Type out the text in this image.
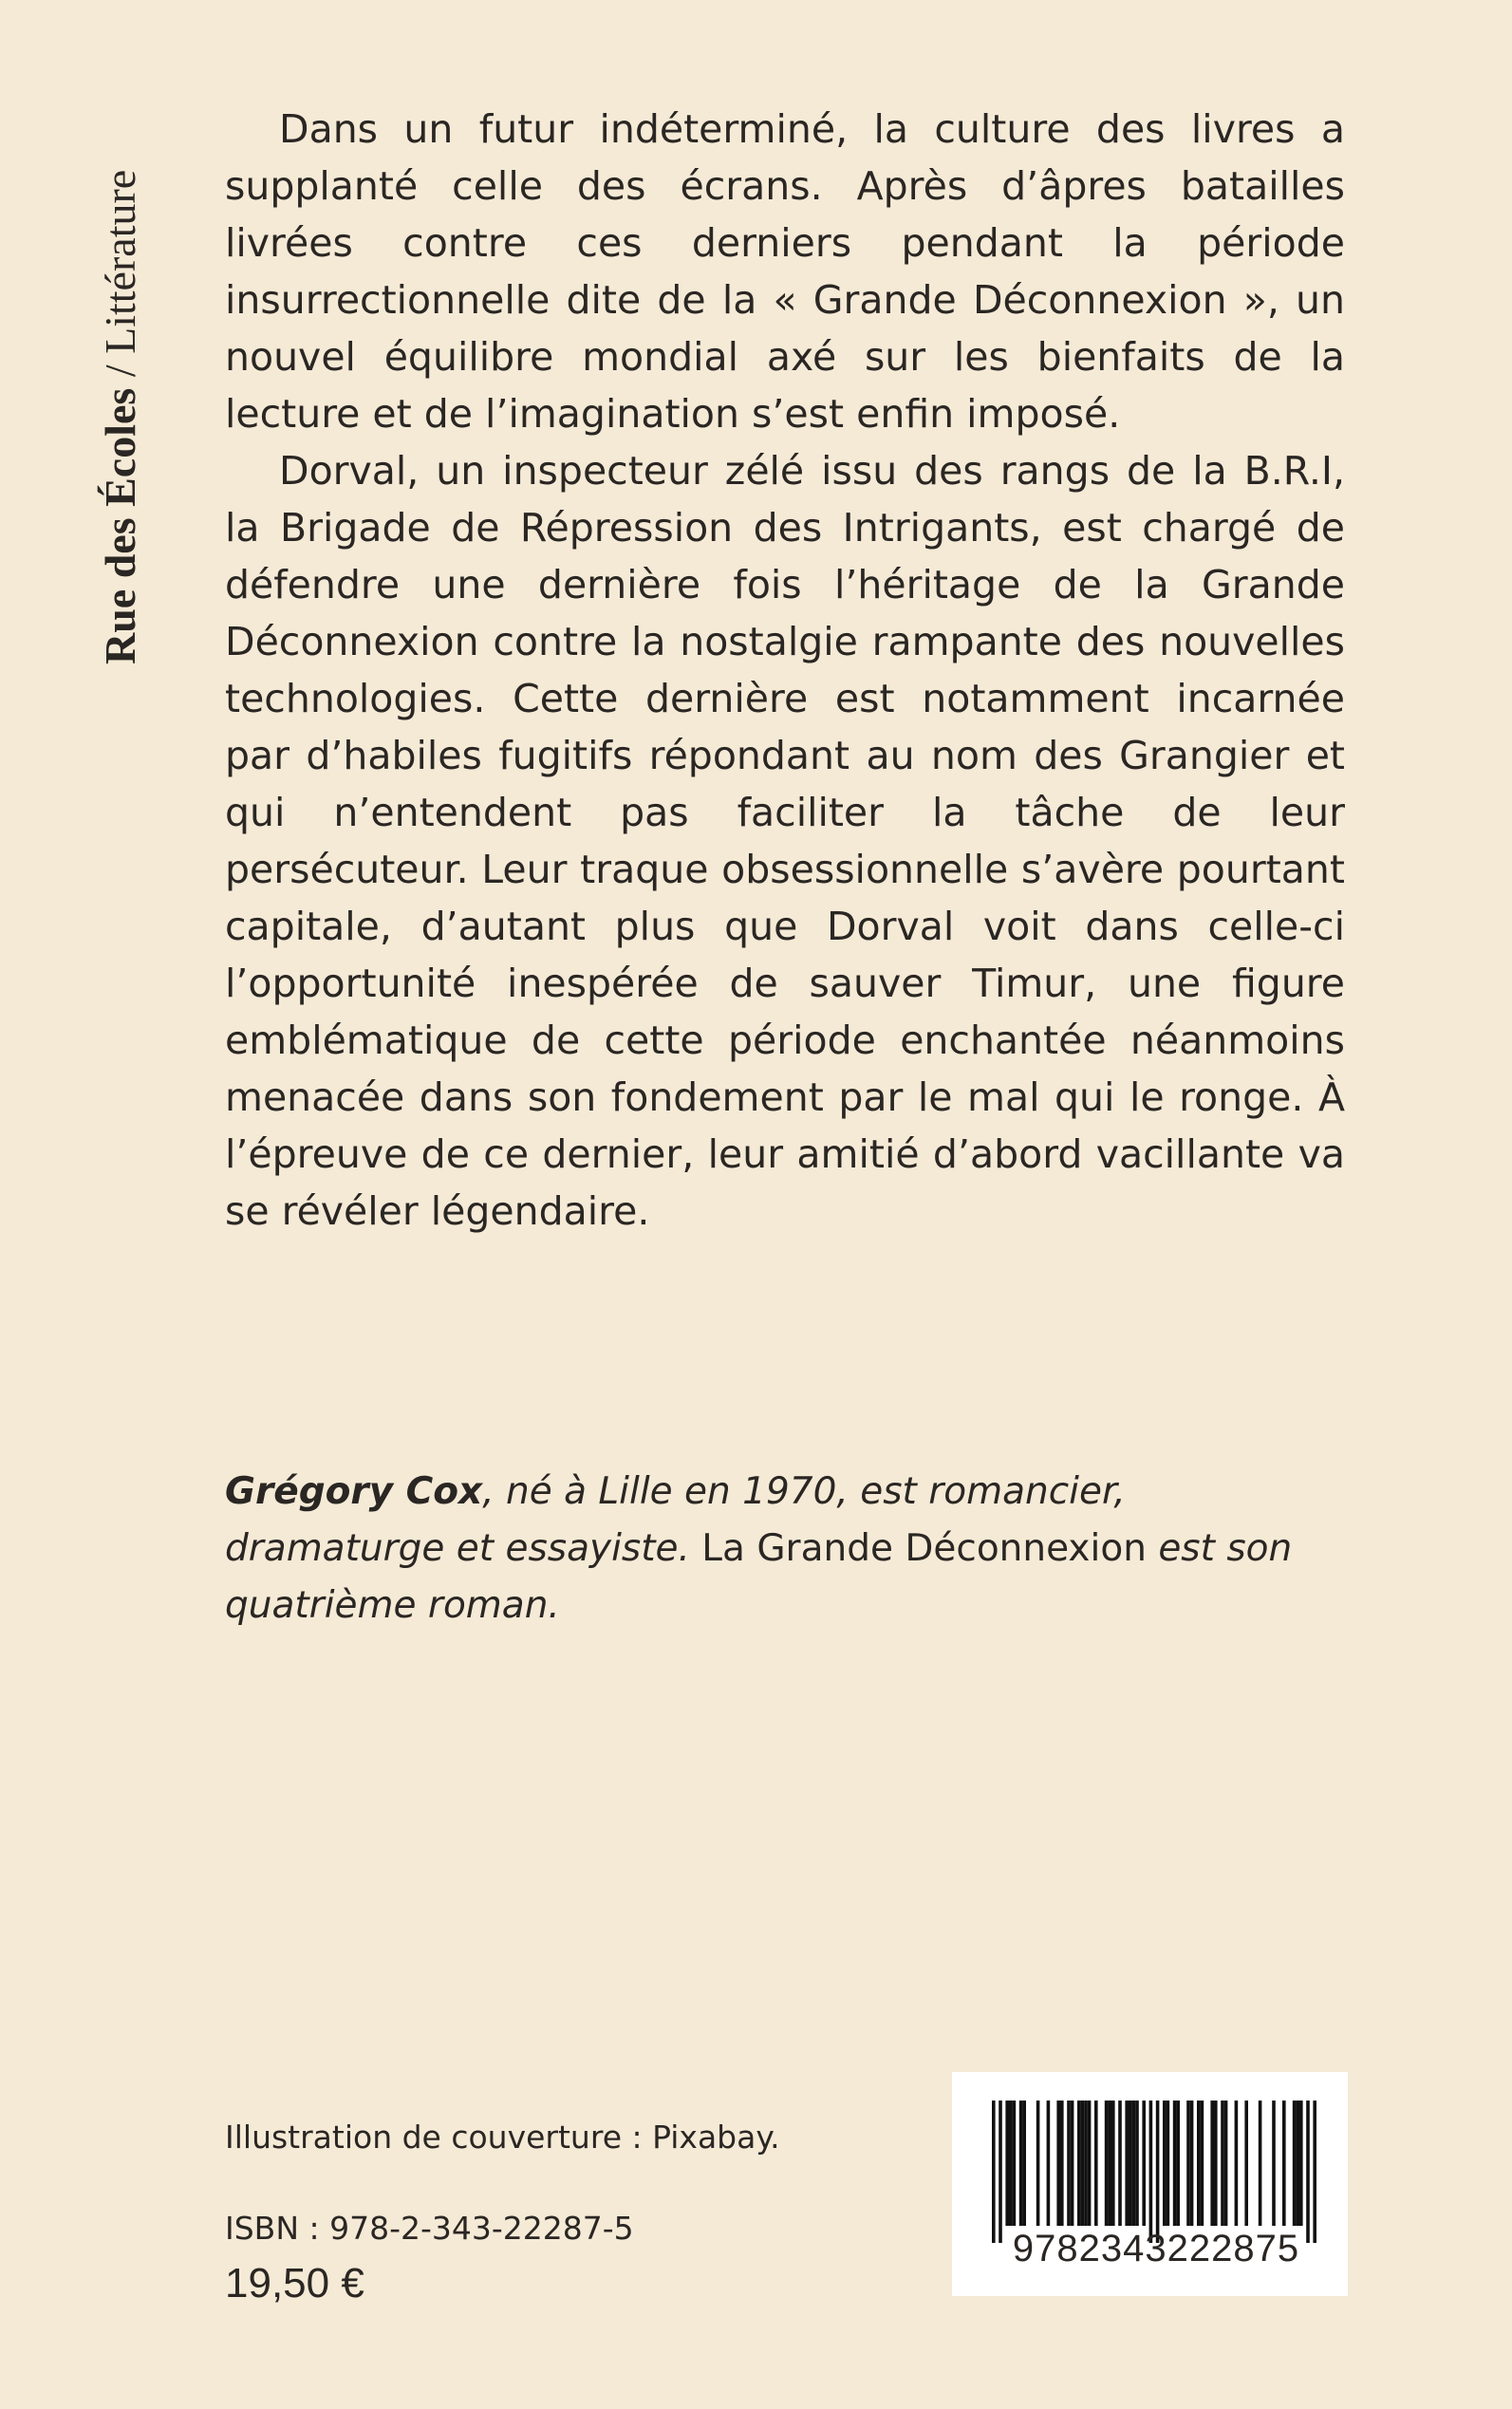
Rue des Écoles / Littérature

Dans un futur indéterminé, la culture des livres a supplanté celle des écrans. Après d’âpres batailles livrées contre ces derniers pendant la période insurrectionnelle dite de la « Grande Déconnexion », un nouvel équilibre mondial axé sur les bienfaits de la lecture et de l’imagination s’est enfin imposé.

Dorval, un inspecteur zélé issu des rangs de la B.R.I, la Brigade de Répression des Intrigants, est chargé de défendre une dernière fois l’héritage de la Grande Déconnexion contre la nostalgie rampante des nouvelles technologies. Cette dernière est notamment incarnée par d’habiles fugitifs répondant au nom des Grangier et qui n’entendent pas faciliter la tâche de leur persécuteur. Leur traque obsessionnelle s’avère pourtant capitale, d’autant plus que Dorval voit dans celle-ci l’opportunité inespérée de sauver Timur, une figure emblématique de cette période enchantée néanmoins menacée dans son fondement par le mal qui le ronge. À l’épreuve de ce dernier, leur amitié d’abord vacillante va se révéler légendaire.

Grégory Cox, né à Lille en 1970, est romancier, dramaturge et essayiste. La Grande Déconnexion est son quatrième roman.

Illustration de couverture : Pixabay.
ISBN : 978-2-343-22287-5
19,50 €
9782343222875
